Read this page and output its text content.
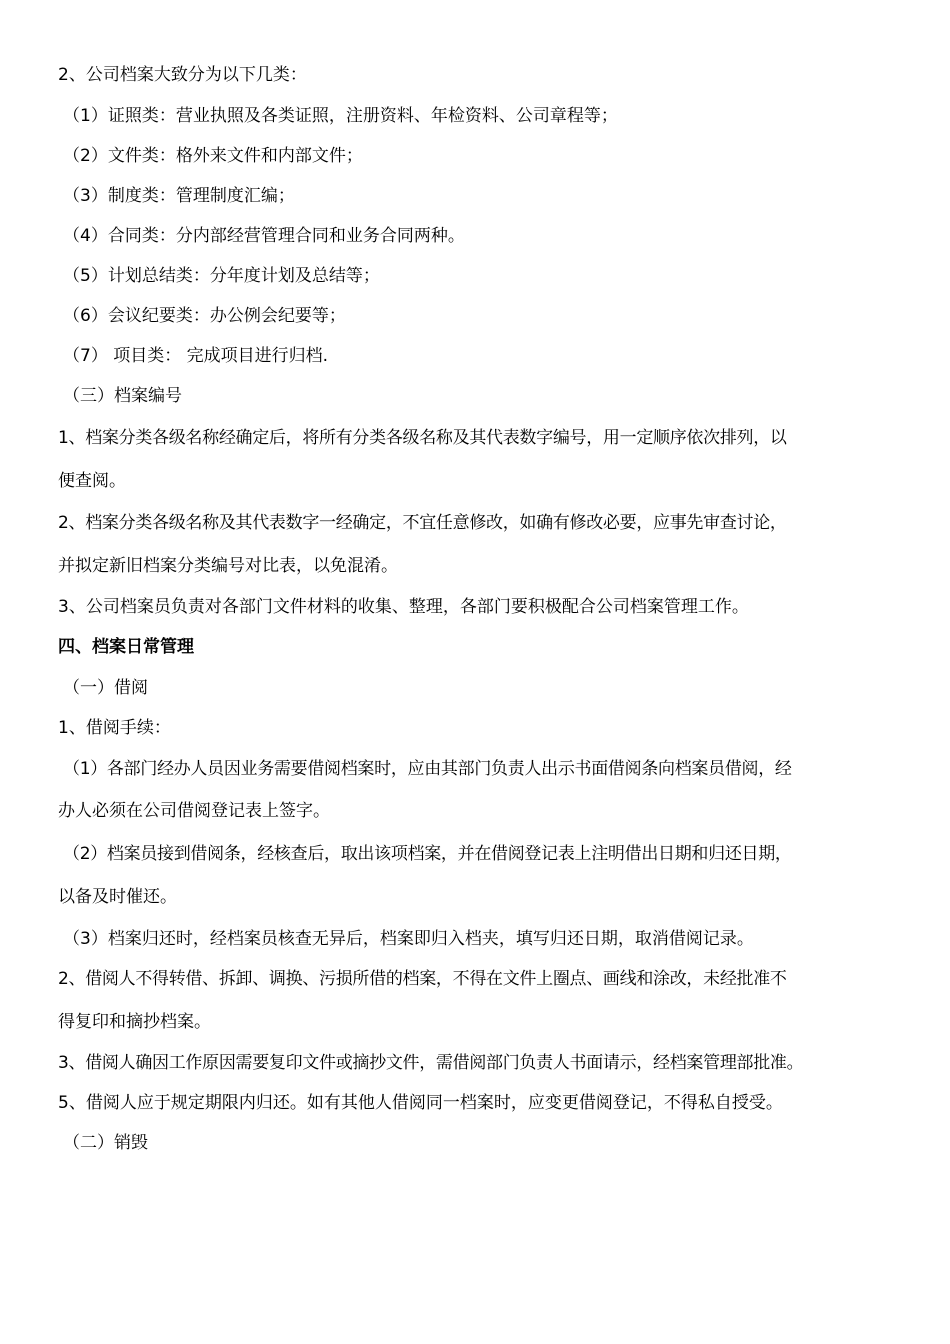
2、公司档案大致分为以下几类：
（1）证照类：营业执照及各类证照，注册资料、年检资料、公司章程等；
（2）文件类：格外来文件和内部文件；
（3）制度类：管理制度汇编；
（4）合同类：分内部经营管理合同和业务合同两种。
（5）计划总结类：分年度计划及总结等；
（6）会议纪要类：办公例会纪要等；
（7） 项目类： 完成项目进行归档.
（三）档案编号
1、档案分类各级名称经确定后，将所有分类各级名称及其代表数字编号，用一定顺序依次排列，以
便查阅。
2、档案分类各级名称及其代表数字一经确定，不宜任意修改，如确有修改必要，应事先审查讨论，
并拟定新旧档案分类编号对比表，以免混淆。
3、公司档案员负责对各部门文件材料的收集、整理，各部门要积极配合公司档案管理工作。
四、档案日常管理
（一）借阅
1、借阅手续：
（1）各部门经办人员因业务需要借阅档案时，应由其部门负责人出示书面借阅条向档案员借阅，经
办人必须在公司借阅登记表上签字。
（2）档案员接到借阅条，经核查后，取出该项档案，并在借阅登记表上注明借出日期和归还日期，
以备及时催还。
（3）档案归还时，经档案员核查无异后，档案即归入档夹，填写归还日期，取消借阅记录。
2、借阅人不得转借、拆卸、调换、污损所借的档案，不得在文件上圈点、画线和涂改，未经批准不
得复印和摘抄档案。
3、借阅人确因工作原因需要复印文件或摘抄文件，需借阅部门负责人书面请示，经档案管理部批准。
5、借阅人应于规定期限内归还。如有其他人借阅同一档案时，应变更借阅登记，不得私自授受。
（二）销毁
